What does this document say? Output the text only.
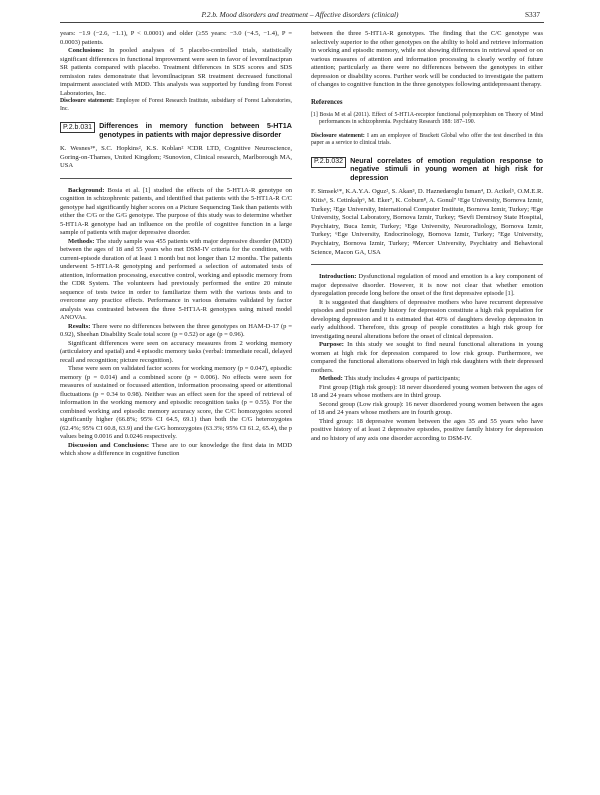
P.2.b. Mood disorders and treatment – Affective disorders (clinical)	S337

years: −1.9 (−2.6, −1.1), P < 0.0001) and older (≥55 years: −3.0 (−4.5, −1.4), P = 0.0003) patients.

Conclusions: In pooled analyses of 5 placebo-controlled trials, statistically significant differences in functional improvement were seen in favor of levomilnacipran SR patients compared with placebo. Treatment differences in SDS scores and SDS remission rates demonstrate that levomilnacipran SR treatment decreased functional impairment associated with MDD. This analysis was supported by funding from Forest Laboratories, Inc.

Disclosure statement: Employee of Forest Research Institute, subsidiary of Forest Laboratories, Inc.

P.2.b.031 Differences in memory function between 5-HT1A genotypes in patients with major depressive disorder

K. Wesnes¹*, S.C. Hopkins², K.S. Koblan² ¹CDR LTD, Cognitive Neuroscience, Goring-on-Thames, United Kingdom; ²Sunovion, Clinical research, Marlborough MA, USA

Background: Bosia et al. [1] studied the effects of the 5-HT1A-R genotype on cognition in schizophrenic patients, and identified that patients with the 5-HT1A-R C/C genotype had significantly higher scores on a Picture Sequencing Task than patients with either the C/G or the G/G genotype. The purpose of this study was to determine whether 5-HT1A-R genotype had an influence on the profile of cognitive function in a large sample of patients with major depressive disorder.

Methods: The study sample was 455 patients with major depressive disorder (MDD) between the ages of 18 and 55 years who met DSM-IV criteria for the condition, with current-episode duration of at least 1 month but not longer than 12 months. The patients underwent 5-HT1A-R genotyping and performed a selection of automated tests of attention, information processing, executive control, working and episodic memory from the CDR System. The volunteers had previously performed the entire 20 minute sequence of tests twice in order to familiarize them with the various tests and to overcome any practice effects. Performance in various domains validated by factor analysis was contrasted between the three 5-HT1A-R genotypes using mixed model ANOVAs.

Results: There were no differences between the three genotypes on HAM-D-17 (p = 0.92), Sheehan Disability Scale total score (p = 0.52) or age (p = 0.96).

Significant differences were seen on accuracy measures from 2 working memory (articulatory and spatial) and 4 episodic memory tasks (verbal: immediate recall, delayed recall and recognition; picture recognition).

These were seen on validated factor scores for working memory (p = 0.047), episodic memory (p = 0.014) and a combined score (p = 0.006). No effects were seen for measures of sustained or focussed attention, information processing speed or attentional fluctuations (p = 0.34 to 0.98). Neither was an effect seen for the speed of retrieval of information in the working memory and episodic recognition tasks (p = 0.55). For the combined working and episodic memory accuracy score, the C/C homozygotes scored significantly higher (66.8%; 95% CI 64.5, 69.1) than both the C/G heterozygotes (62.4%; 95% CI 60.8, 63.9) and the G/G homozygotes (63.3%; 95% CI 61.2, 65.4), the p values being 0.0016 and 0.0246 respectively.

Discussion and Conclusions: These are to our knowledge the first data in MDD which show a difference in cognitive function

between the three 5-HT1A-R genotypes. The finding that the C/C genotype was selectively superior to the other genotypes on the ability to hold and retrieve information in working and episodic memory, while not showing differences in retrieval speed or on various measures of attention and information processing is clearly worthy of future attention; particularly as there were no differences between the genotypes in either depression or disability scores. Further work will be conducted to investigate the pattern of changes to cognitive function in the three genotypes following antidepressant therapy.

References

[1] Bosia M et al (2011). Effect of 5-HT1A-receptor functional polymorphism on Theory of Mind performances in schizophrenia. Psychiatry Research 188: 187–190.

Disclosure statement: I am an employee of Brackett Global who offer the test described in this paper as a service to clinical trials.

P.2.b.032 Neural correlates of emotion regulation response to negative stimuli in young women at high risk for depression

F. Simsek¹*, K.A.Y.A. Oguz², S. Akan³, D. Haznedaroglu Isman⁴, D. Acikel⁵, O.M.E.R. Kitis⁶, S. Cetinkalp⁶, M. Eker⁷, K. Coburn⁸, A. Gonul⁷ ¹Ege University, Bornova Izmir, Turkey; ²Ege University, International Computer Institute, Bornova Izmir, Turkey; ³Ege University, Social Laboratory, Bornova Izmir, Turkey; ⁴Sevfi Demirsoy State Hospital, Psychiatry, Buca Izmir, Turkey; ⁵Ege University, Neuroradiology, Bornova Izmir, Turkey; ⁶Ege University, Endocrinology, Bornova Izmir, Turkey; ⁷Ege University, Psychiatry, Bornova Izmir, Turkey; ⁸Mercer University, Psychiatry and Behavioral Science, Macon GA, USA

Introduction: Dysfunctional regulation of mood and emotion is a key component of major depressive disorder. However, it is now not clear that whether emotion dysregulation precede long before the onset of the first depressive episode [1].

It is suggested that daughters of depressive mothers who have recurrent depressive episodes and positive family history for depression constitute a high risk population for developing depression and it is estimated that 40% of daughters develop depression in early adulthood. Therefore, this group of people constitutes a high risk group for investigating neural alterations before the onset of clinical depression.

Purpose: In this study we sought to find neural functional alterations in young women at high risk for depression compared to low risk group. Furthermore, we compared the functional alterations observed in high risk daughters with their depressed mothers.

Method: This study includes 4 groups of participants;

First group (High risk group): 18 never disordered young women between the ages of 18 and 24 years whose mothers are in third group.

Second group (Low risk group): 16 never disordered young women between the ages of 18 and 24 years whose mothers are in fourth group.

Third group: 18 depressive women between the ages 35 and 55 years who have positive history of at least 2 depressive episodes, positive family history for depression and no history of any axis one disorder according to DSM-IV.
